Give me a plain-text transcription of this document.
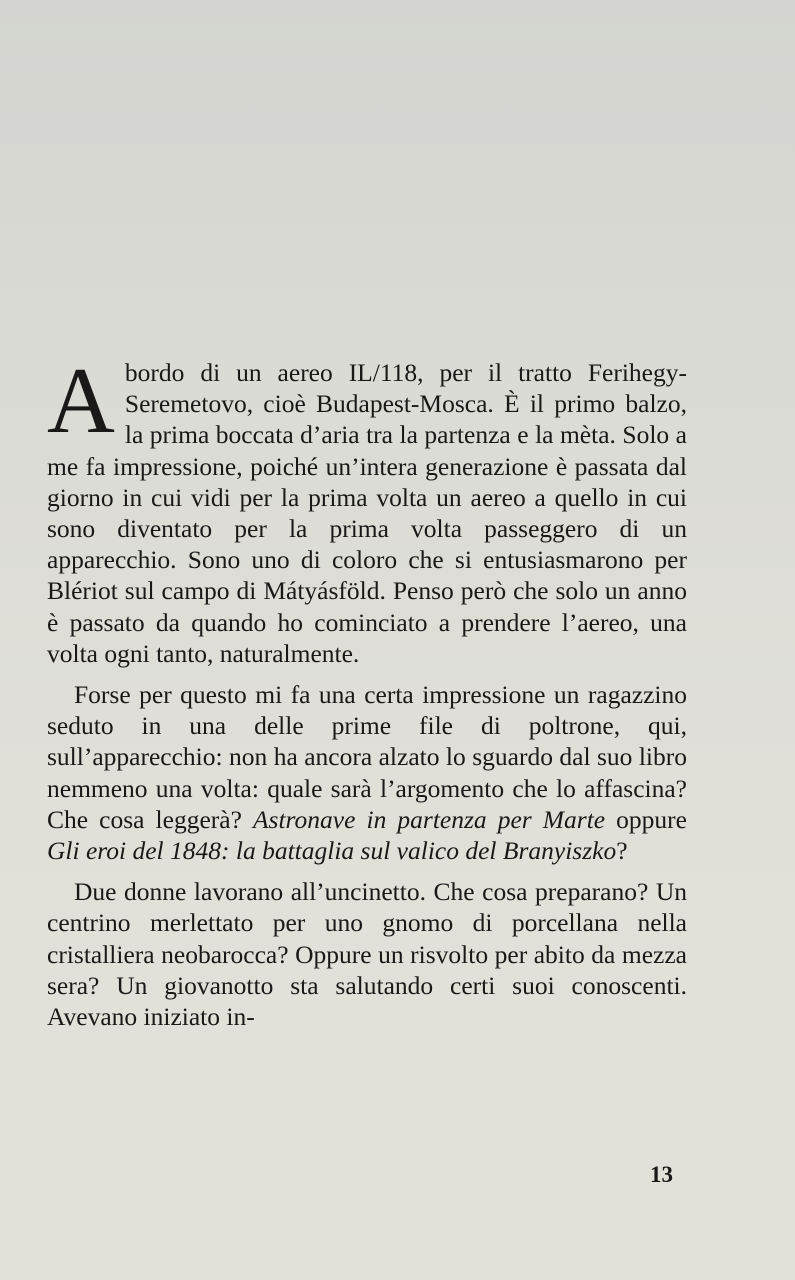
Abordo di un aereo IL/118, per il tratto Ferihegy-Seremetovo, cioè Budapest-Mosca. È il primo balzo, la prima boccata d’aria tra la partenza e la mèta. Solo a me fa impressione, poiché un’intera generazione è passata dal giorno in cui vidi per la prima volta un aereo a quello in cui sono diventato per la prima volta passeggero di un apparecchio. Sono uno di coloro che si entusiasmarono per Blériot sul campo di Mátyásföld. Penso però che solo un anno è passato da quando ho cominciato a prendere l’aereo, una volta ogni tanto, naturalmente.

Forse per questo mi fa una certa impressione un ragazzino seduto in una delle prime file di poltrone, qui, sull’apparecchio: non ha ancora alzato lo sguardo dal suo libro nemmeno una volta: quale sarà l’argomento che lo affascina? Che cosa leggerà? Astronave in partenza per Marte oppure Gli eroi del 1848: la battaglia sul valico del Branyiszko?

Due donne lavorano all’uncinetto. Che cosa preparano? Un centrino merlettato per uno gnomo di porcellana nella cristalliera neobarocca? Oppure un risvolto per abito da mezza sera? Un giovanotto sta salutando certi suoi conoscenti. Avevano iniziato in-

13
